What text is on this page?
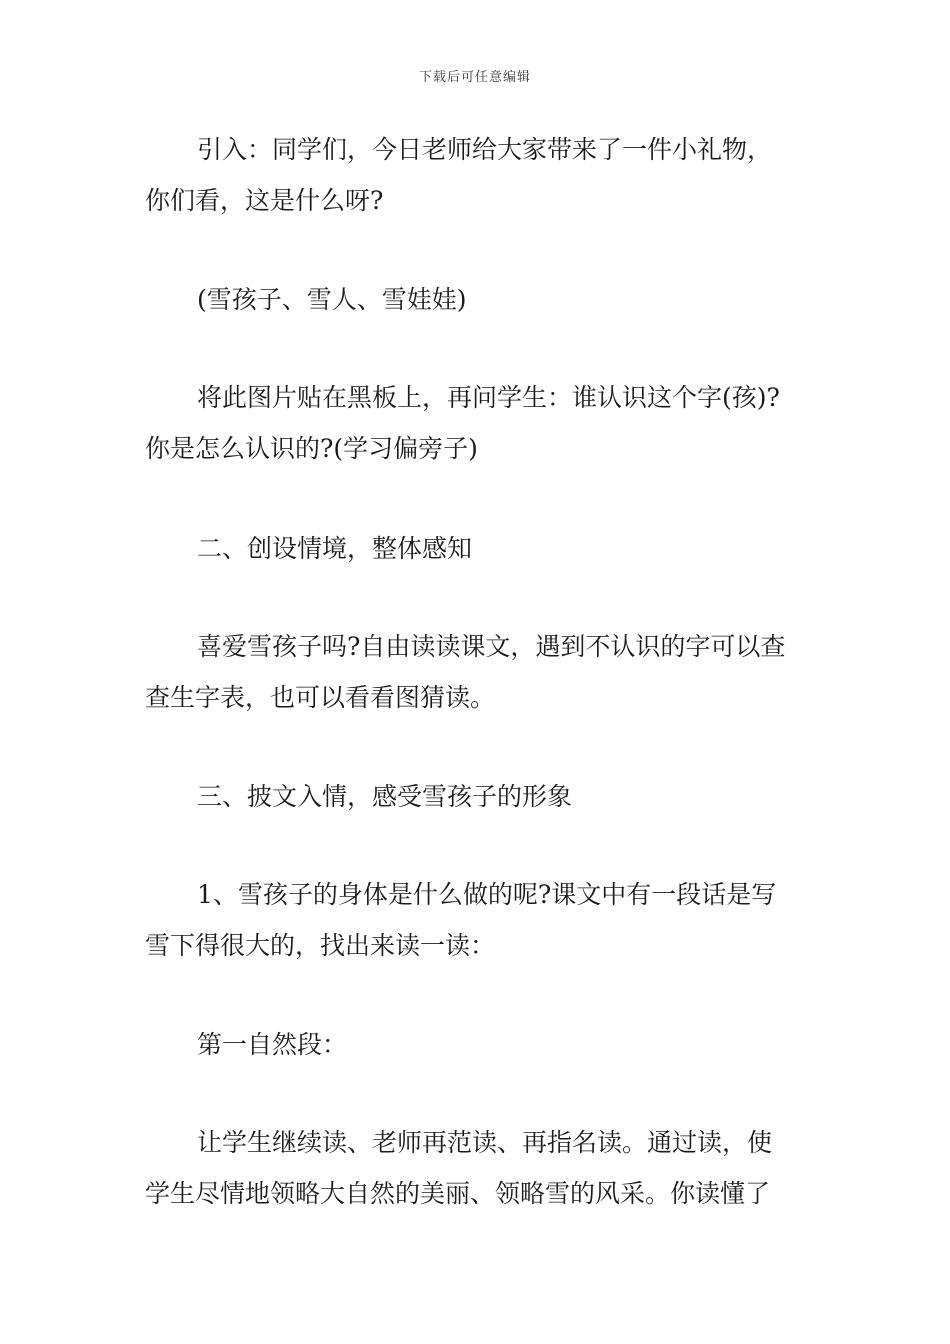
下载后可任意编辑
引入：同学们，今日老师给大家带来了一件小礼物，
你们看，这是什么呀?
(雪孩子、雪人、雪娃娃)
将此图片贴在黑板上，再问学生：谁认识这个字(孩)?
你是怎么认识的?(学习偏旁子)
二、创设情境，整体感知
喜爱雪孩子吗?自由读读课文，遇到不认识的字可以查
查生字表，也可以看看图猜读。
三、披文入情，感受雪孩子的形象
1、雪孩子的身体是什么做的呢?课文中有一段话是写
雪下得很大的，找出来读一读：
第一自然段：
让学生继续读、老师再范读、再指名读。通过读，使
学生尽情地领略大自然的美丽、领略雪的风采。你读懂了
